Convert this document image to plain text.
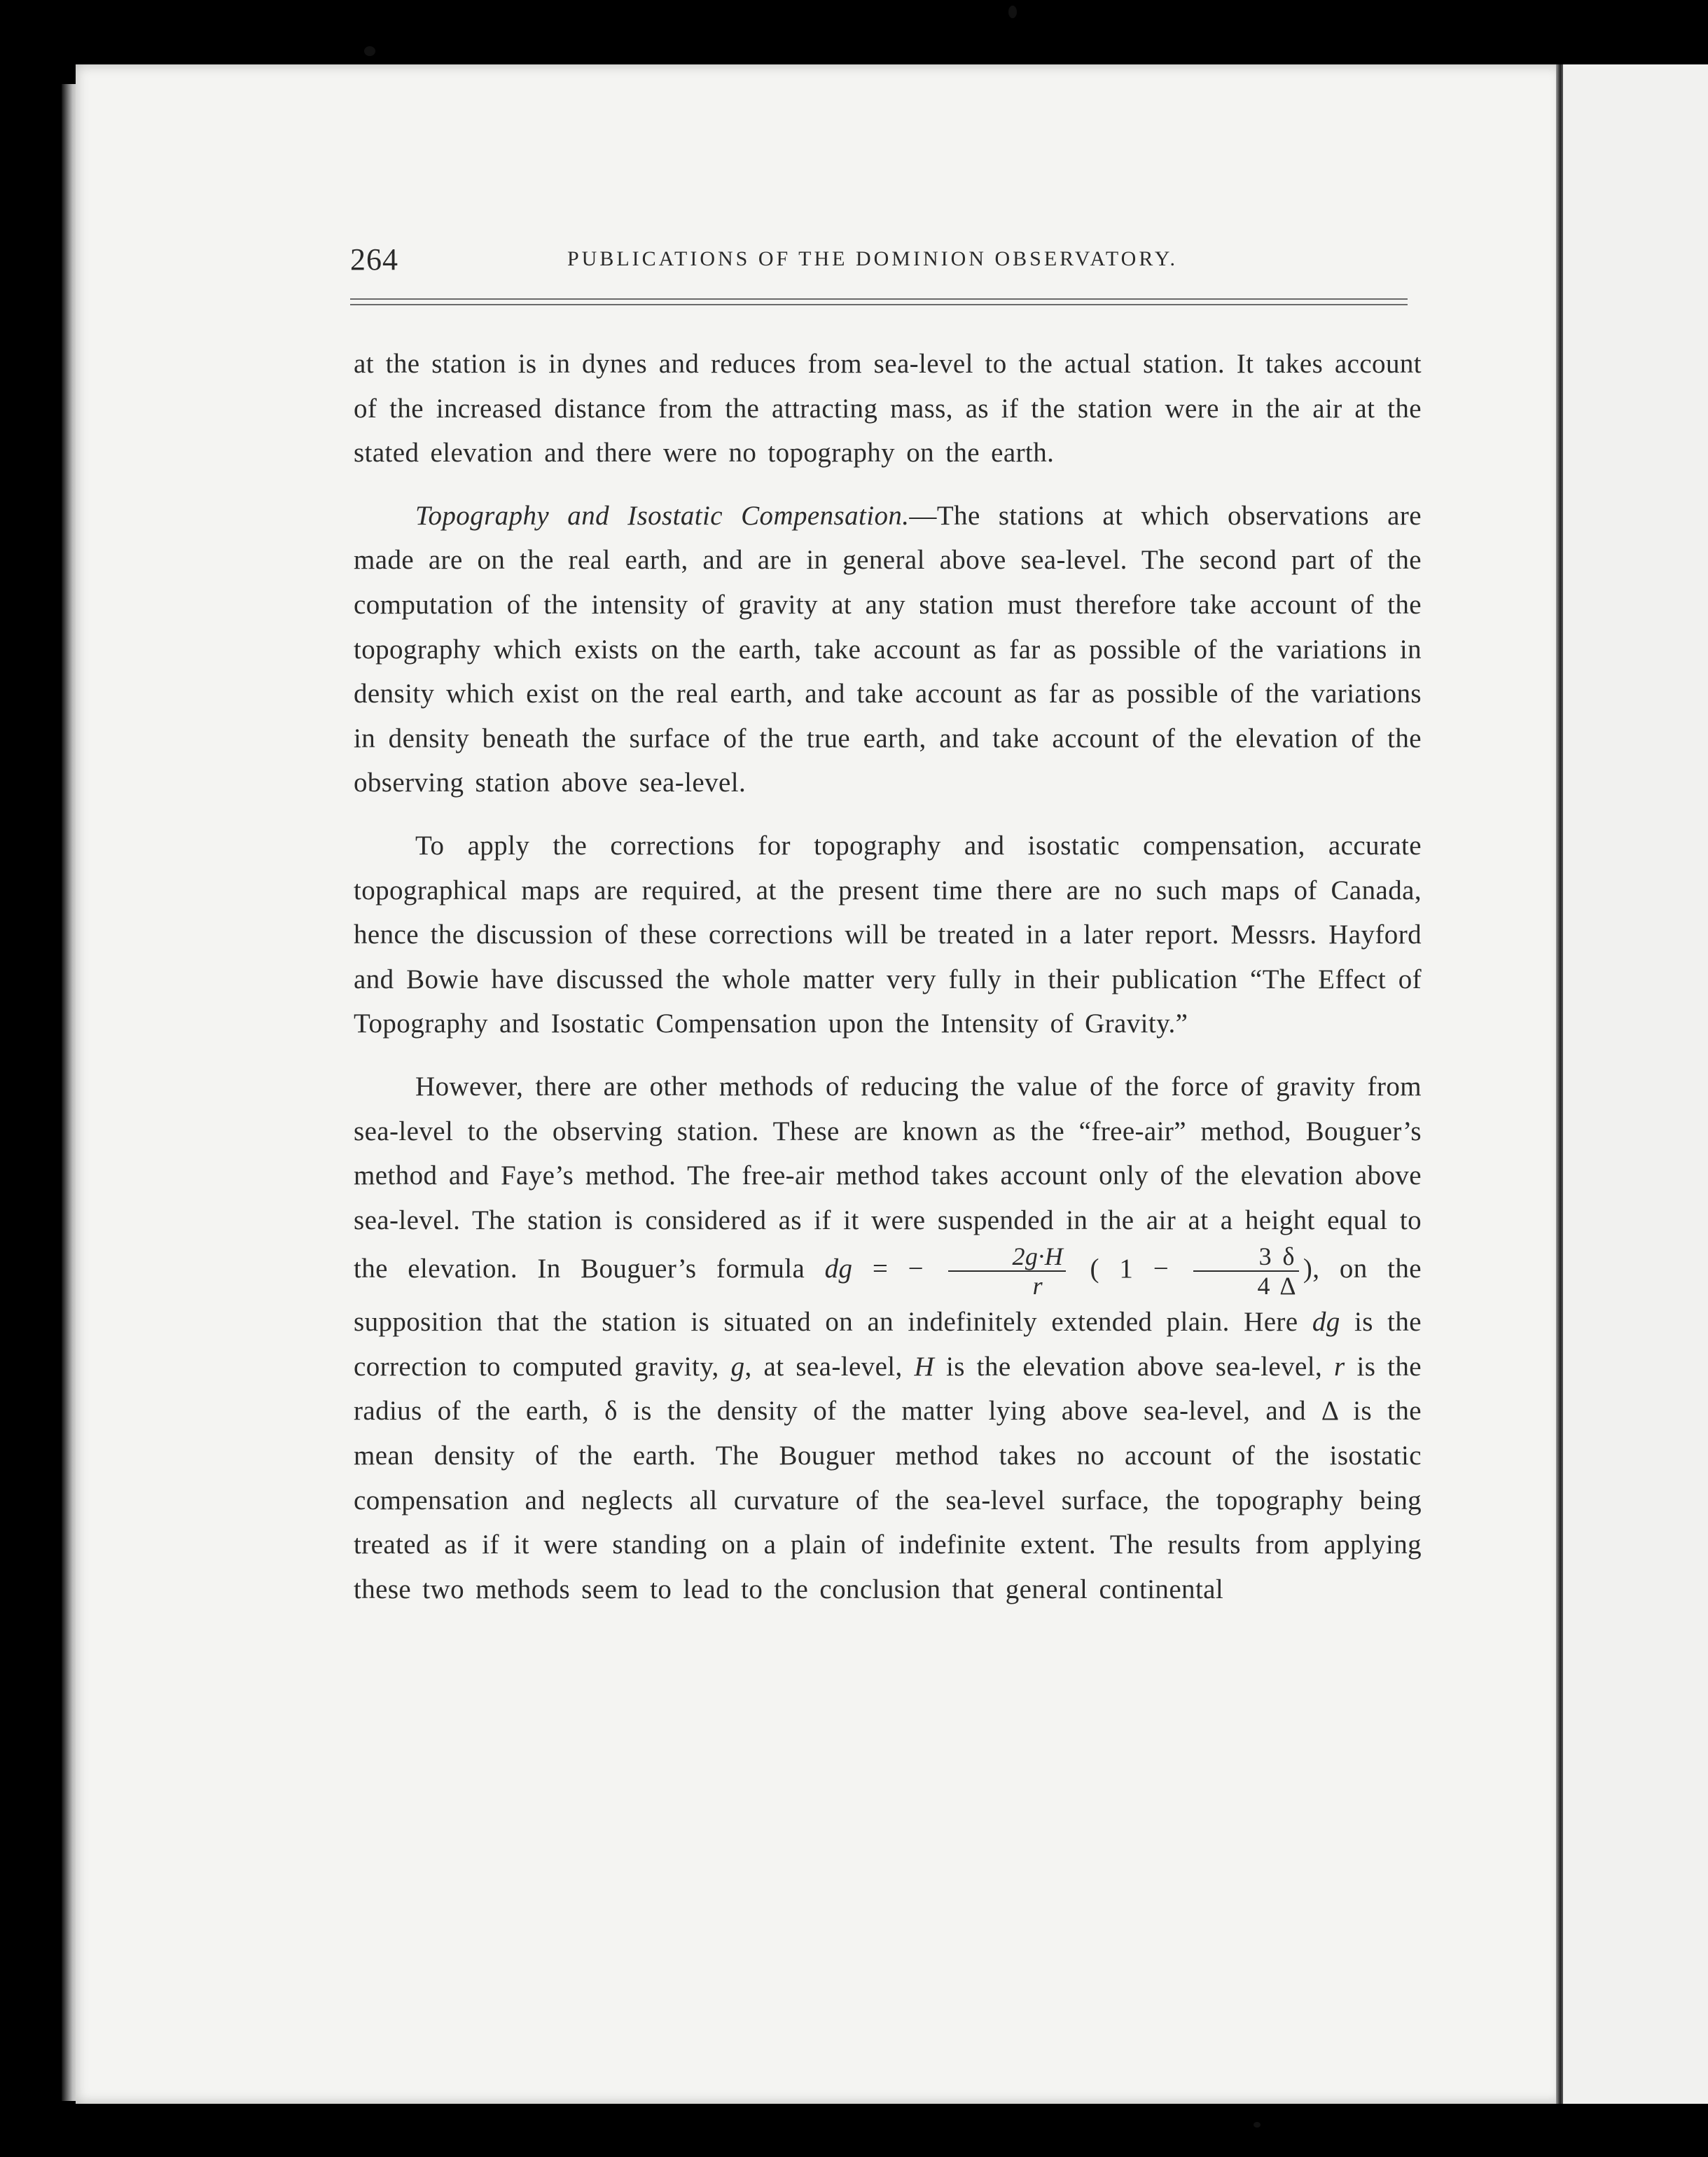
264	PUBLICATIONS OF THE DOMINION OBSERVATORY.

at the station is in dynes and reduces from sea-level to the actual station. It takes account of the increased distance from the attracting mass, as if the station were in the air at the stated elevation and there were no topography on the earth.

Topography and Isostatic Compensation.—The stations at which observations are made are on the real earth, and are in general above sea-level. The second part of the computation of the intensity of gravity at any station must therefore take account of the topography which exists on the earth, take account as far as possible of the variations in density which exist on the real earth, and take account as far as possible of the variations in density beneath the surface of the true earth, and take account of the elevation of the observing station above sea-level.

To apply the corrections for topography and isostatic compensation, accurate topographical maps are required, at the present time there are no such maps of Canada, hence the discussion of these corrections will be treated in a later report. Messrs. Hayford and Bowie have discussed the whole matter very fully in their publication “The Effect of Topography and Isostatic Compensation upon the Intensity of Gravity.”

However, there are other methods of reducing the value of the force of gravity from sea-level to the observing station. These are known as the “free-air” method, Bouguer’s method and Faye’s method. The free-air method takes account only of the elevation above sea-level. The station is considered as if it were suspended in the air at a height equal to the elevation. In Bouguer’s formula dg = − $\frac{2g\cdot H}{r}$ ( $1 - \frac{3 \delta}{4 \Delta}$ ), on the supposition that the station is situated on an indefinitely extended plain. Here dg is the correction to computed gravity, g, at sea-level, H is the elevation above sea-level, r is the radius of the earth, δ is the density of the matter lying above sea-level, and Δ is the mean density of the earth. The Bouguer method takes no account of the isostatic compensation and neglects all curvature of the sea-level surface, the topography being treated as if it were standing on a plain of indefinite extent. The results from applying these two methods seem to lead to the conclusion that general continental
